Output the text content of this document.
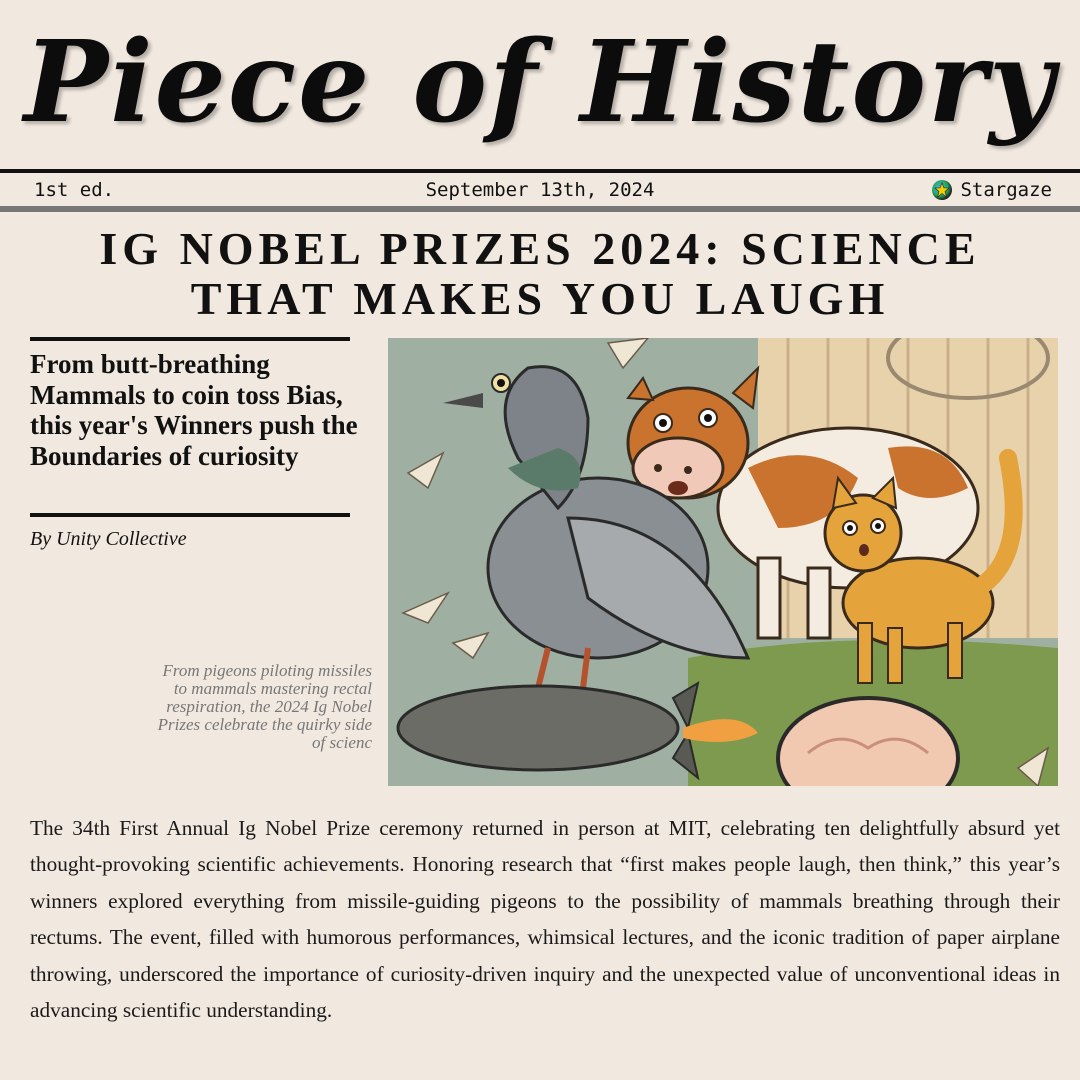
Piece of History
1st ed.	September 13th, 2024	Stargaze
IG NOBEL PRIZES 2024: SCIENCE
THAT MAKES YOU LAUGH
From butt-breathing Mammals to coin toss Bias, this year's Winners push the Boundaries of curiosity
By Unity Collective
From pigeons piloting missiles to mammals mastering rectal respiration, the 2024 Ig Nobel Prizes celebrate the quirky side of scienc
The 34th First Annual Ig Nobel Prize ceremony returned in person at MIT, celebrating ten delightfully absurd yet thought-provoking scientific achievements. Honoring research that “first makes people laugh, then think,” this year’s winners explored everything from missile-guiding pigeons to the possibility of mammals breathing through their rectums. The event, filled with humorous performances, whimsical lectures, and the iconic tradition of paper airplane throwing, underscored the importance of curiosity-driven inquiry and the unexpected value of unconventional ideas in advancing scientific understanding.
